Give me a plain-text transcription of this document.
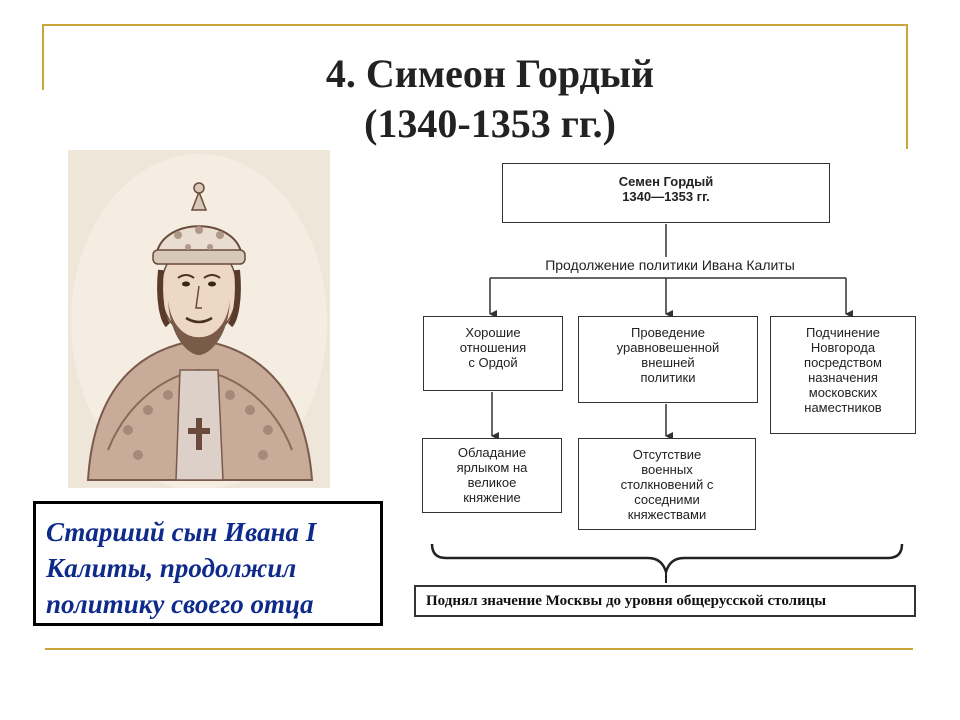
4. Симеон Гордый
(1340-1353 гг.)

Старший сын Ивана I Калиты, продолжил политику своего отца

Семен Гордый
1340—1353 гг.
Продолжение политики Ивана Калиты
Хорошие
отношения
с Ордой
Проведение
уравновешенной
внешней
политики
Подчинение
Новгорода
посредством
назначения
московских
наместников
Обладание
ярлыком на
великое
княжение
Отсутствие
военных
столкновений с
соседними
княжествами
Поднял значение Москвы до уровня общерусской столицы
